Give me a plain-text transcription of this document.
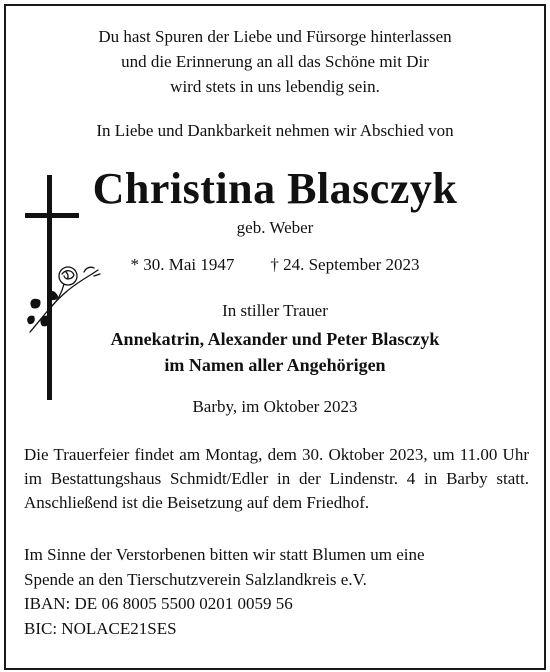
Du hast Spuren der Liebe und Fürsorge hinterlassen
und die Erinnerung an all das Schöne mit Dir
wird stets in uns lebendig sein.
In Liebe und Dankbarkeit nehmen wir Abschied von
Christina Blasczyk
geb. Weber
* 30. Mai 1947 † 24. September 2023
In stiller Trauer
Annekatrin, Alexander und Peter Blasczyk
im Namen aller Angehörigen
Barby, im Oktober 2023
Die Trauerfeier findet am Montag, dem 30. Oktober 2023, um 11.00 Uhr im Bestattungshaus Schmidt/Edler in der Lindenstr. 4 in Barby statt. Anschließend ist die Beisetzung auf dem Friedhof.
Im Sinne der Verstorbenen bitten wir statt Blumen um eine
Spende an den Tierschutzverein Salzlandkreis e.V.
IBAN: DE 06 8005 5500 0201 0059 56
BIC: NOLACE21SES
